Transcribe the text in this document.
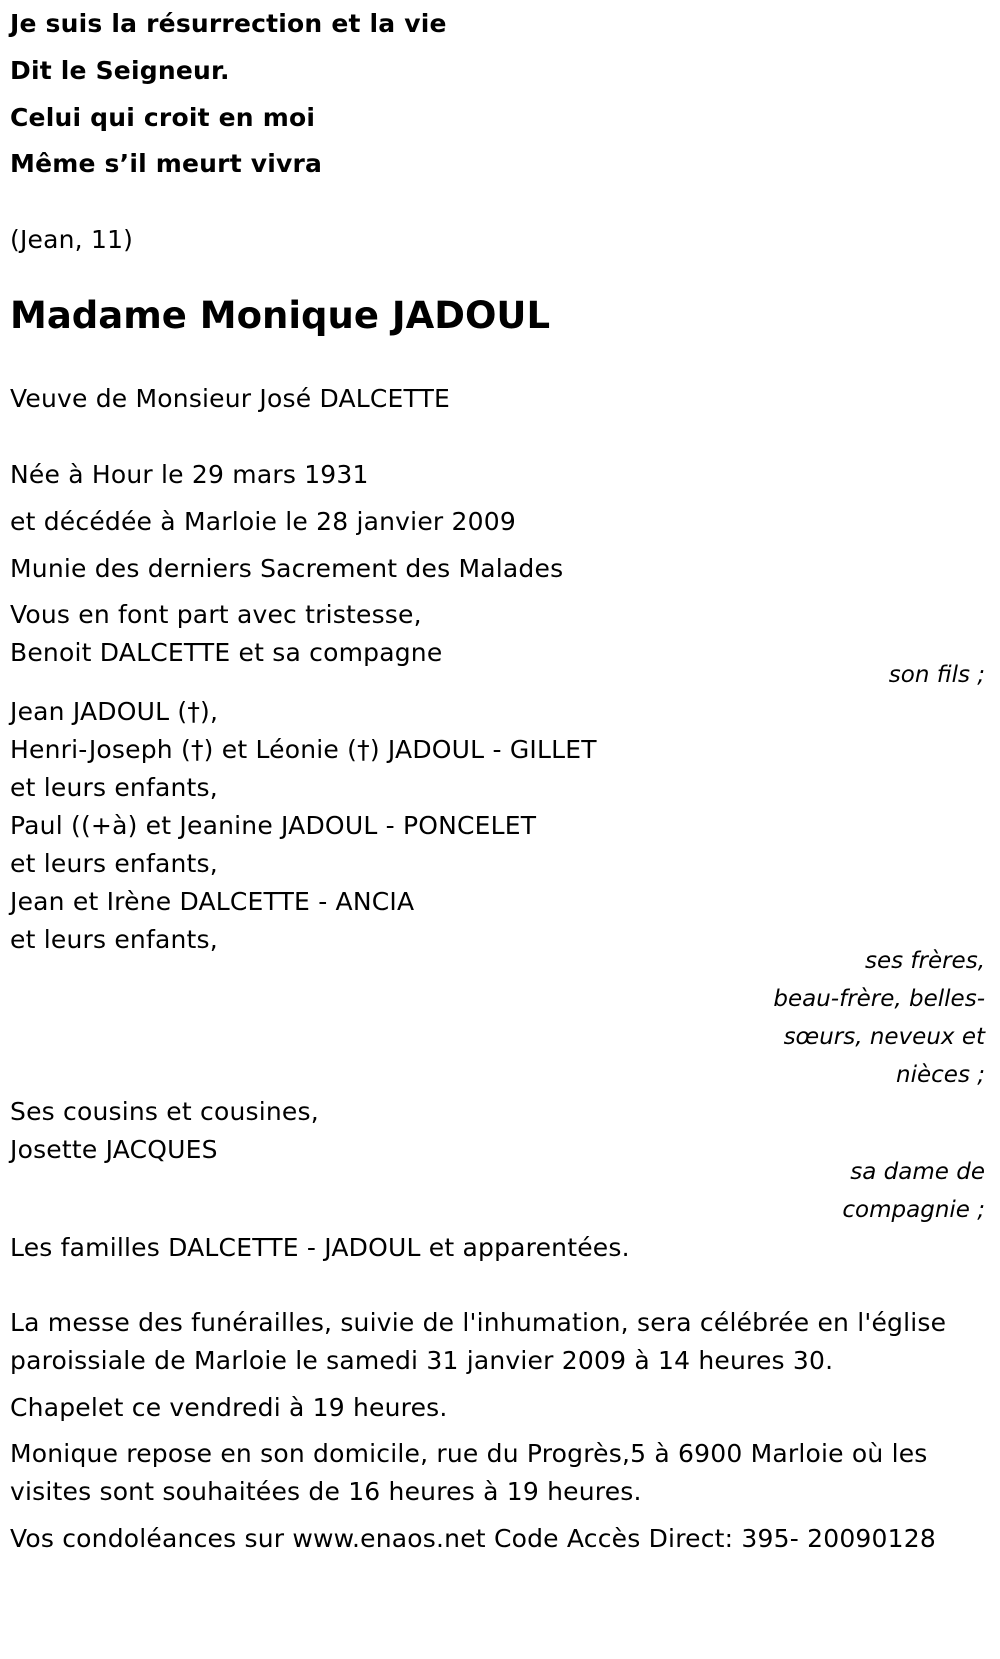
Je suis la résurrection et la vie
Dit le Seigneur.
Celui qui croit en moi
Même s’il meurt vivra
(Jean, 11)
Madame Monique JADOUL
Veuve de Monsieur José DALCETTE
Née à Hour le 29 mars 1931
et décédée à Marloie le 28 janvier 2009
Munie des derniers Sacrement des Malades
Vous en font part avec tristesse,
Benoit DALCETTE et sa compagne
son fils ;
Jean JADOUL (†),
Henri-Joseph (†) et Léonie (†) JADOUL - GILLET
et leurs enfants,
Paul ((+à) et Jeanine JADOUL - PONCELET
et leurs enfants,
Jean et Irène DALCETTE - ANCIA
et leurs enfants,
ses frères,
beau-frère, belles-
sœurs, neveux et
nièces ;
Ses cousins et cousines,
Josette JACQUES
sa dame de
compagnie ;
Les familles DALCETTE - JADOUL et apparentées.
La messe des funérailles, suivie de l'inhumation, sera célébrée en l'église
paroissiale de Marloie le samedi 31 janvier 2009 à 14 heures 30.
Chapelet ce vendredi à 19 heures.
Monique repose en son domicile, rue du Progrès,5 à 6900 Marloie où les
visites sont souhaitées de 16 heures à 19 heures.
Vos condoléances sur www.enaos.net Code Accès Direct: 395- 20090128
